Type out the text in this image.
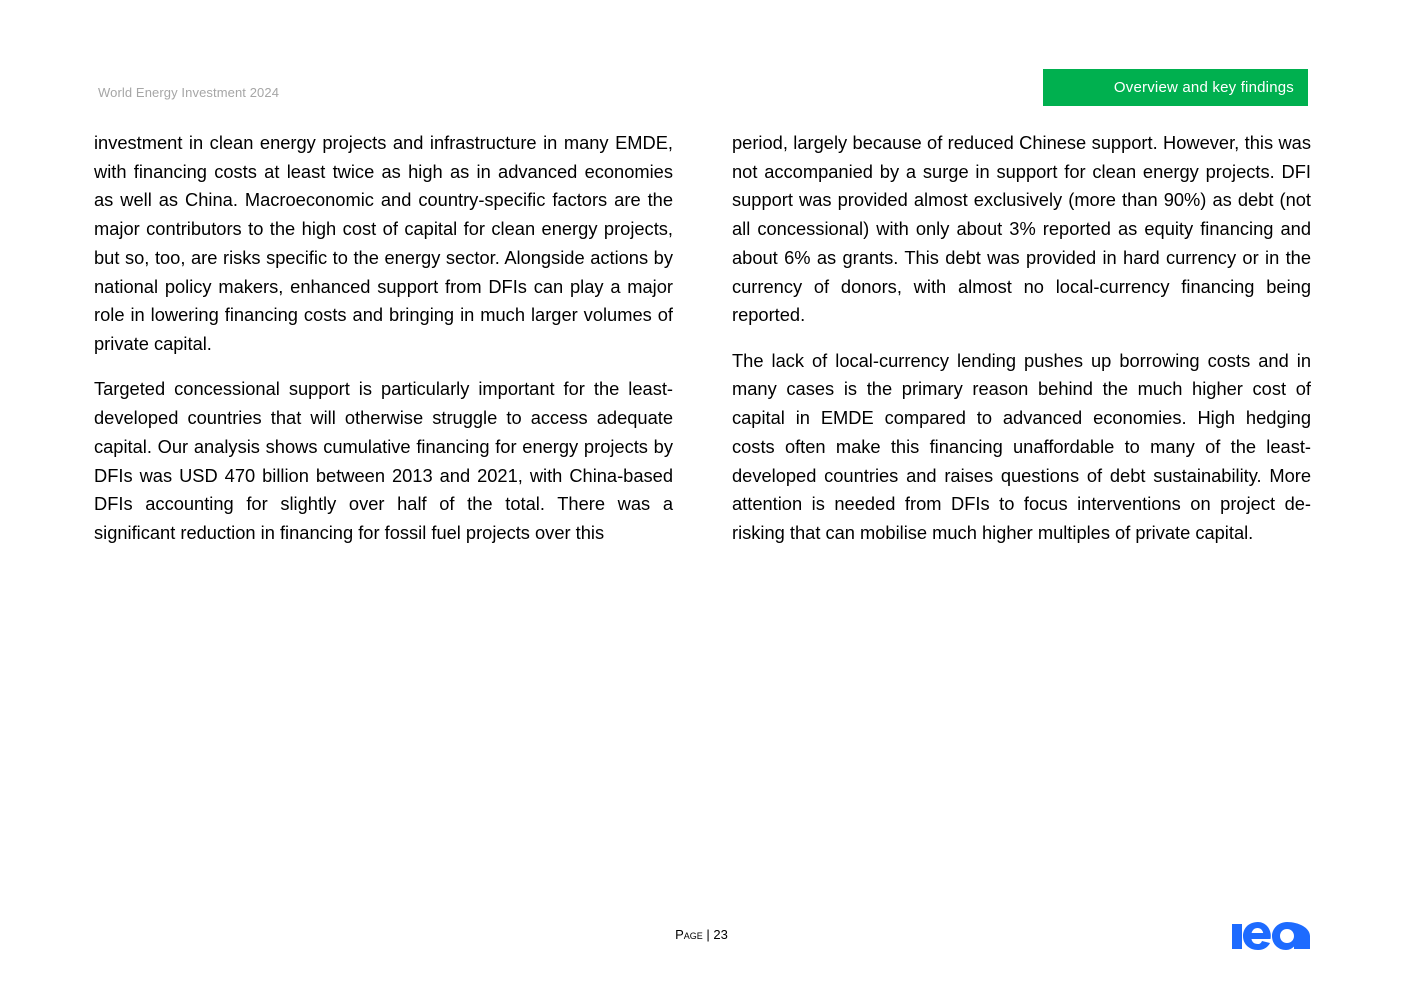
World Energy Investment 2024	Overview and key findings

investment in clean energy projects and infrastructure in many EMDE, with financing costs at least twice as high as in advanced economies as well as China. Macroeconomic and country-specific factors are the major contributors to the high cost of capital for clean energy projects, but so, too, are risks specific to the energy sector. Alongside actions by national policy makers, enhanced support from DFIs can play a major role in lowering financing costs and bringing in much larger volumes of private capital.

Targeted concessional support is particularly important for the least-developed countries that will otherwise struggle to access adequate capital. Our analysis shows cumulative financing for energy projects by DFIs was USD 470 billion between 2013 and 2021, with China-based DFIs accounting for slightly over half of the total. There was a significant reduction in financing for fossil fuel projects over this

period, largely because of reduced Chinese support. However, this was not accompanied by a surge in support for clean energy projects. DFI support was provided almost exclusively (more than 90%) as debt (not all concessional) with only about 3% reported as equity financing and about 6% as grants. This debt was provided in hard currency or in the currency of donors, with almost no local-currency financing being reported.

The lack of local-currency lending pushes up borrowing costs and in many cases is the primary reason behind the much higher cost of capital in EMDE compared to advanced economies. High hedging costs often make this financing unaffordable to many of the least-developed countries and raises questions of debt sustainability. More attention is needed from DFIs to focus interventions on project de-risking that can mobilise much higher multiples of private capital.

Page | 23
